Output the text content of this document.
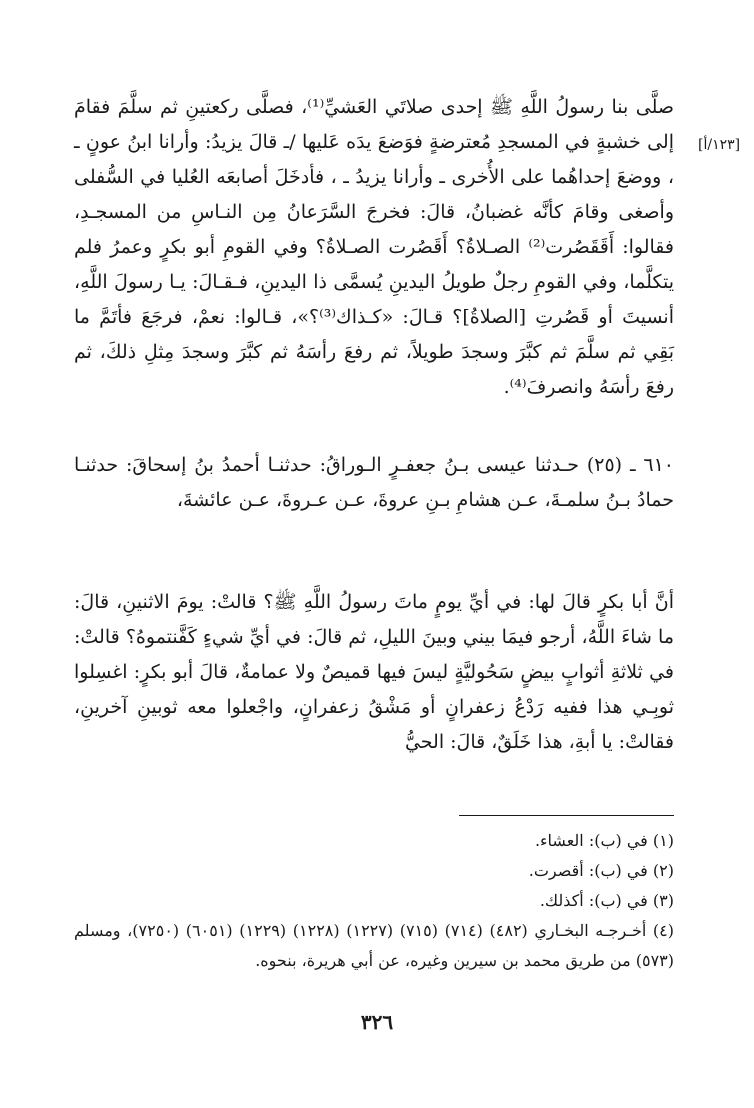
صلَّى بنا رسولُ اللَّهِ ﷺ إحدى صلاتَي العَشيِّ⁽¹⁾، فصلَّى ركعتينِ ثم سلَّمَ فقامَ إلى خشبةٍ في المسجدِ مُعترضةٍ فوَضعَ يدَه عَليها /ـ قالَ يزيدُ: وأرانا ابنُ عونٍ ـ ، ووضعَ إحداهُما على الأُخرى ـ وأرانا يزيدُ ـ ، فأدخَلَ أصابعَه العُليا في السُّفلى وأصغى وقامَ كأنَّه غضبانُ، قالَ: فخرجَ السَّرَعانُ مِن النـاسِ من المسجـدِ، فقالوا: أَقَقَصُرت⁽²⁾ الصـلاةُ؟ أَقَصُرت الصـلاةُ؟ وفي القومِ أبو بكرٍ وعمرُ فلم يتكلَّما، وفي القومِ رجلٌ طويلُ اليدينِ يُسمَّى ذا اليدينِ، فـقـالَ: يـا رسولَ اللَّهِ، أنسيتَ أو قَصُرتِ [الصلاةُ]؟ قـالَ: «كـذاك⁽³⁾؟»، قـالوا: نعمْ، فرجَعَ فأتَمَّ ما بَقِي ثم سلَّمَ ثم كبَّرَ وسجدَ طويلاً، ثم رفعَ رأسَهُ ثم كبَّرَ وسجدَ مِثلِ ذلكَ، ثم رفعَ رأسَهُ وانصرفَ⁽⁴⁾.
[١٢٣/أ]
٦١٠ ـ (٢٥) حـدثنا عيسى بـنُ جعفـرٍ الـوراقُ: حدثنـا أحمدُ بنُ إسحاقَ: حدثنـا حمادُ بـنُ سلمـةَ، عـن هشامِ بـنِ عروةَ، عـن عـروةَ، عـن عائشةَ،
أنَّ أبا بكرٍ قالَ لها: في أيِّ يومٍ ماتَ رسولُ اللَّهِ ﷺ؟ قالتْ: يومَ الاثنينِ، قالَ: ما شاءَ اللَّهُ، أرجو فيمَا بيني وبينَ الليلِ، ثم قالَ: في أيِّ شيءٍ كَفَّنتموهُ؟ قالتْ: في ثلاثةِ أثوابٍ بيضٍ سَحُوليَّةٍ ليسَ فيها قميصٌ ولا عمامةٌ، قالَ أبو بكرٍ: اغسِلوا ثوبِـي هذا ففيه رَدْعُ زعفرانٍ أو مَشْقُ زعفرانٍ، واجْعلوا معه ثوبينِ آخرينِ، فقالتْ: يا أبةِ، هذا خَلَقٌ، قالَ: الحيُّ
(١) في (ب): العشاء.
(٢) في (ب): أقصرت.
(٣) في (ب): أكذلك.
(٤) أخـرجـه البخـاري (٤٨٢) (٧١٤) (٧١٥) (١٢٢٧) (١٢٢٨) (١٢٢٩) (٦٠٥١) (٧٢٥٠)، ومسلم (٥٧٣) من طريق محمد بن سيرين وغيره، عن أبي هريرة، بنحوه.
٣٢٦
